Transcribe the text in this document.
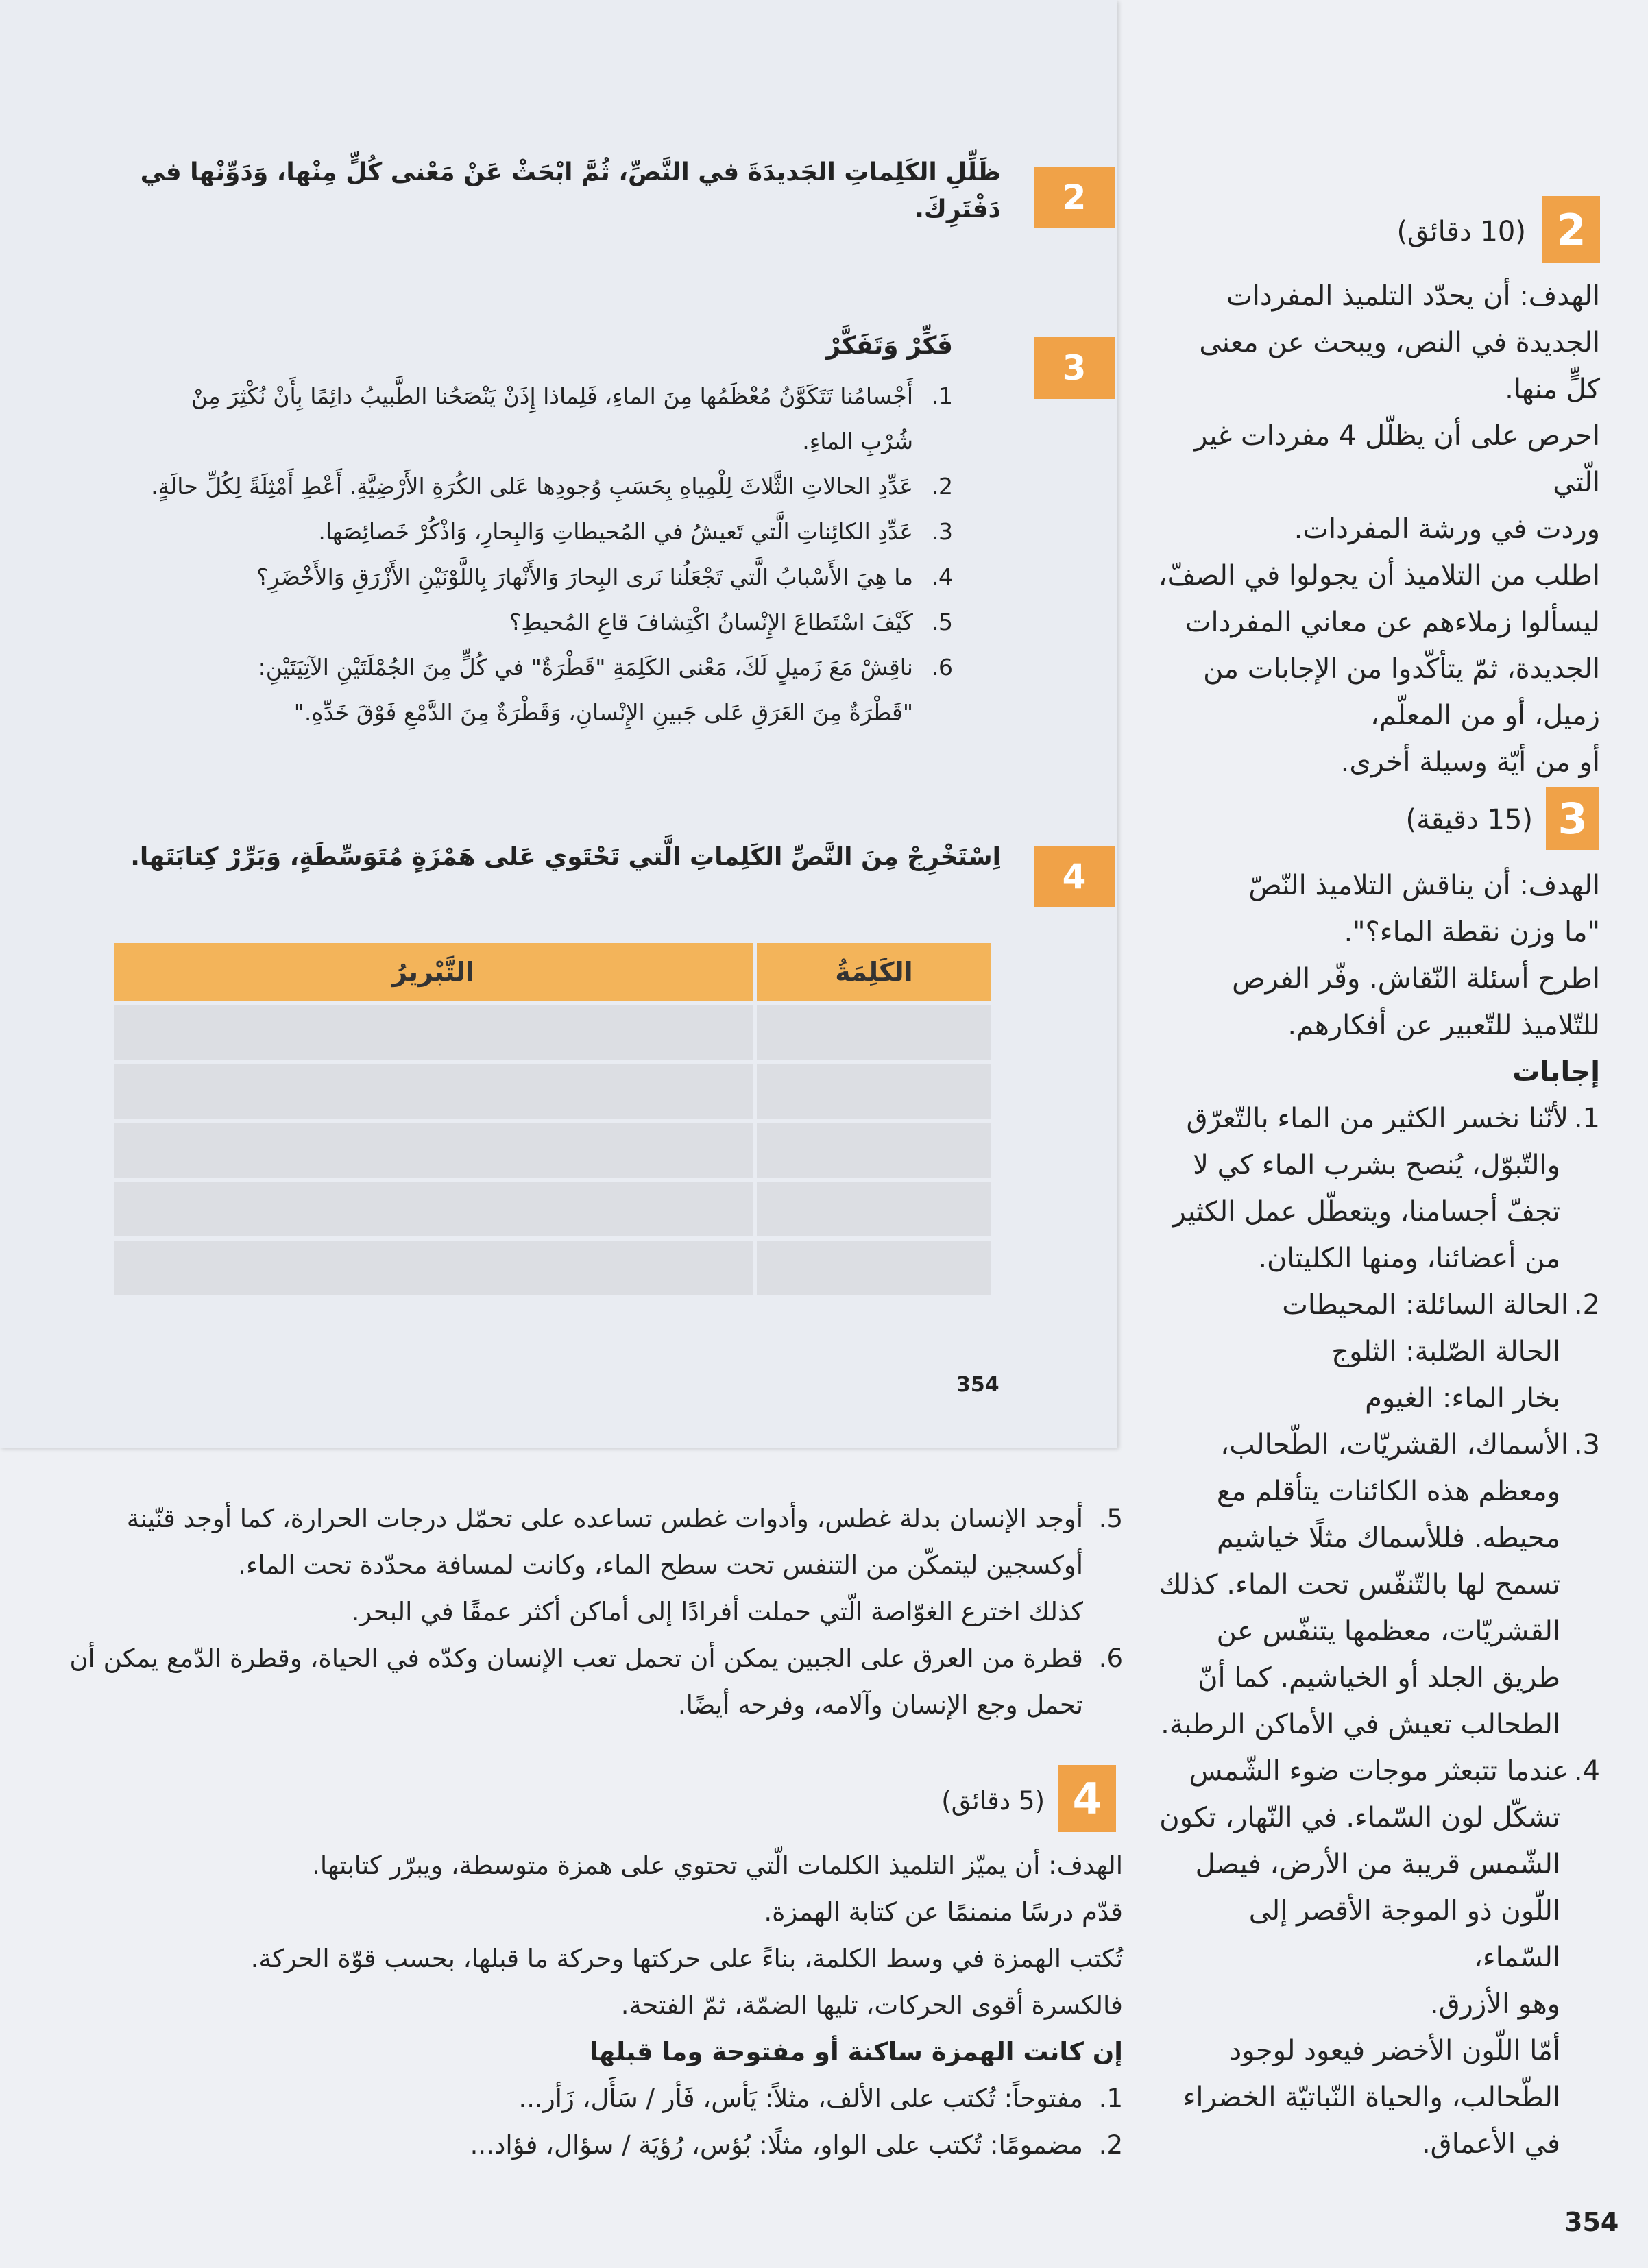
2
ظَلِّلِ الكَلِماتِ الجَديدَةَ في النَّصِّ، ثُمَّ ابْحَثْ عَنْ مَعْنى كُلٍّ مِنْها، وَدَوِّنْها في دَفْتَرِكَ.
3
فَكِّرْ وَتَفَكَّرْ
1.أَجْسامُنا تَتَكَوَّنُ مُعْظَمُها مِنَ الماءِ، فَلِماذا إِذَنْ يَنْصَحُنا الطَّبيبُ دائِمًا بِأَنْ نُكْثِرَ مِنْ
شُرْبِ الماءِ.
2.عَدِّدِ الحالاتِ الثَّلاثَ لِلْمِياهِ بِحَسَبِ وُجودِها عَلى الكُرَةِ الأَرْضِيَّةِ. أَعْطِ أَمْثِلَةً لِكُلِّ حالَةٍ.
3.عَدِّدِ الكائِناتِ الَّتي تَعيشُ في المُحيطاتِ وَالبِحارِ، وَاذْكُرْ خَصائِصَها.
4.ما هِيَ الأَسْبابُ الَّتي تَجْعَلُنا نَرى البِحارَ وَالأَنْهارَ بِاللَّوْنَيْنِ الأَزْرَقِ وَالأَخْضَرِ؟
5.كَيْفَ اسْتَطاعَ الإِنْسانُ اكْتِشافَ قاعِ المُحيطِ؟
6.ناقِشْ مَعَ زَميلٍ لَكَ، مَعْنى الكَلِمَةِ "قَطْرَةٌ" في كُلٍّ مِنَ الجُمْلَتَيْنِ الآتِيَتَيْنِ:
"قَطْرَةٌ مِنَ العَرَقِ عَلى جَبينِ الإِنْسانِ، وَقَطْرَةٌ مِنَ الدَّمْعِ فَوْقَ خَدِّهِ."
4
اِسْتَخْرِجْ مِنَ النَّصِّ الكَلِماتِ الَّتي تَحْتَوي عَلى هَمْزَةٍ مُتَوَسِّطَةٍ، وَبَرِّرْ كِتابَتَها.
الكَلِمَةُ	التَّبْريرُ

354
2
(10 دقائق)
الهدف: أن يحدّد التلميذ المفردات
الجديدة في النص، ويبحث عن معنى
كلٍّ منها.
احرص على أن يظلّل 4 مفردات غير الّتي
وردت في ورشة المفردات.
اطلب من التلاميذ أن يجولوا في الصفّ،
ليسألوا زملاءهم عن معاني المفردات
الجديدة، ثمّ يتأكّدوا من الإجابات من
زميل، أو من المعلّم،
أو من أيّة وسيلة أخرى.
3
(15 دقيقة)
الهدف: أن يناقش التلاميذ النّصّ
"ما وزن نقطة الماء؟".
اطرح أسئلة النّقاش. وفّر الفرص
للتّلاميذ للتّعبير عن أفكارهم.
إجابات
1.لأنّنا نخسر الكثير من الماء بالتّعرّق
والتّبوّل، يُنصح بشرب الماء كي لا
تجفّ أجسامنا، ويتعطّل عمل الكثير
من أعضائنا، ومنها الكليتان.
2.الحالة السائلة: المحيطات
الحالة الصّلبة: الثلوج
بخار الماء: الغيوم
3.الأسماك، القشريّات، الطّحالب،
ومعظم هذه الكائنات يتأقلم مع
محيطه. فللأسماك مثلًا خياشيم
تسمح لها بالتّنفّس تحت الماء. كذلك
القشريّات، معظمها يتنفّس عن
طريق الجلد أو الخياشيم. كما أنّ
الطحالب تعيش في الأماكن الرطبة.
4.عندما تتبعثر موجات ضوء الشّمس
تشكّل لون السّماء. في النّهار، تكون
الشّمس قريبة من الأرض، فيصل
اللّون ذو الموجة الأقصر إلى السّماء،
وهو الأزرق.
أمّا اللّون الأخضر فيعود لوجود
الطّحالب، والحياة النّباتيّة الخضراء
في الأعماق.
5.أوجد الإنسان بدلة غطس، وأدوات غطس تساعده على تحمّل درجات الحرارة، كما أوجد قنّينة
أوكسجين ليتمكّن من التنفس تحت سطح الماء، وكانت لمسافة محدّدة تحت الماء.
كذلك اخترع الغوّاصة الّتي حملت أفرادًا إلى أماكن أكثر عمقًا في البحر.
6.قطرة من العرق على الجبين يمكن أن تحمل تعب الإنسان وكدّه في الحياة، وقطرة الدّمع يمكن أن
تحمل وجع الإنسان وآلامه، وفرحه أيضًا.
4
(5 دقائق)
الهدف: أن يميّز التلميذ الكلمات الّتي تحتوي على همزة متوسطة، ويبرّر كتابتها.
قدّم درسًا منمنمًا عن كتابة الهمزة.
تُكتب الهمزة في وسط الكلمة، بناءً على حركتها وحركة ما قبلها، بحسب قوّة الحركة.
فالكسرة أقوى الحركات، تليها الضمّة، ثمّ الفتحة.
إن كانت الهمزة ساكنة أو مفتوحة وما قبلها
1.مفتوحاً: تُكتب على الألف، مثلاً: يَأس، فَأر / سَأَل، زَأر...
2.مضمومًا: تُكتب على الواو، مثلًا: بُؤس، رُؤيَة / سؤال، فؤاد...
354
